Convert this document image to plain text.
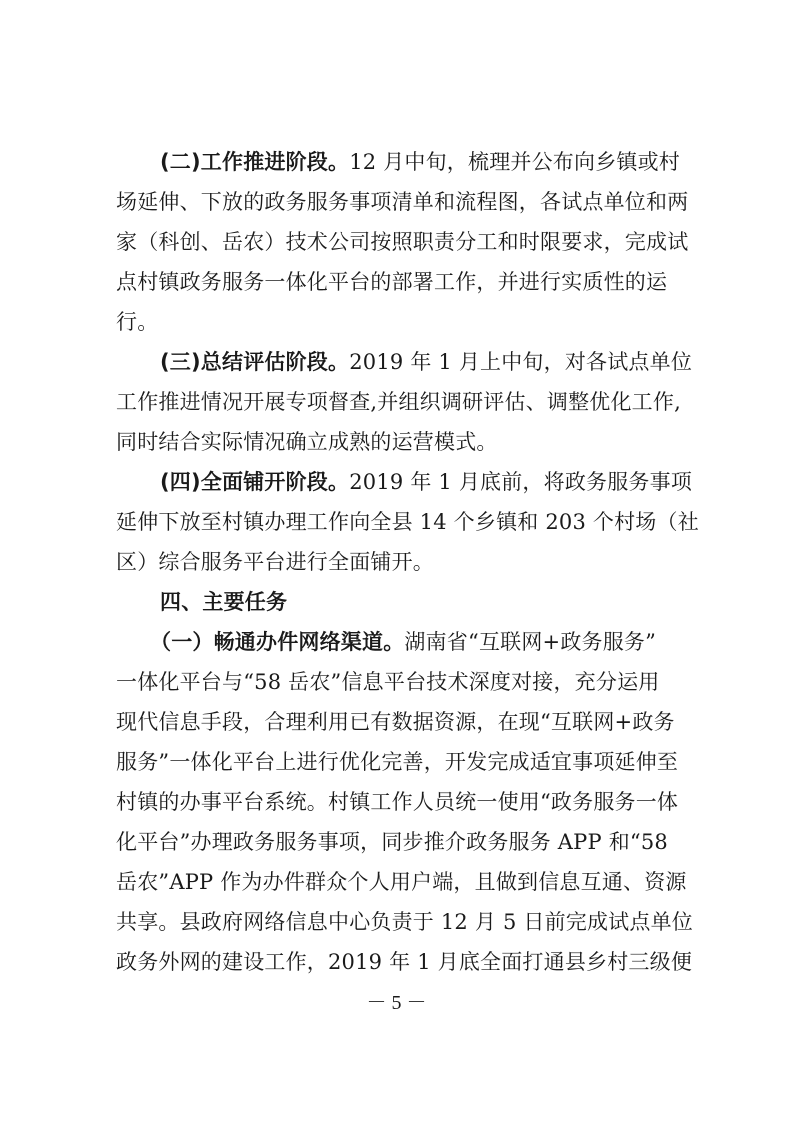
(二)工作推进阶段。12 月中旬，梳理并公布向乡镇或村
场延伸、下放的政务服务事项清单和流程图，各试点单位和两
家（科创、岳农）技术公司按照职责分工和时限要求，完成试
点村镇政务服务一体化平台的部署工作，并进行实质性的运
行。
(三)总结评估阶段。2019 年 1 月上中旬，对各试点单位
工作推进情况开展专项督查,并组织调研评估、调整优化工作,
同时结合实际情况确立成熟的运营模式。
(四)全面铺开阶段。2019 年 1 月底前，将政务服务事项
延伸下放至村镇办理工作向全县 14 个乡镇和 203 个村场（社
区）综合服务平台进行全面铺开。
四、主要任务
（一）畅通办件网络渠道。湖南省“互联网+政务服务”
一体化平台与“58 岳农”信息平台技术深度对接，充分运用
现代信息手段，合理利用已有数据资源，在现“互联网+政务
服务”一体化平台上进行优化完善，开发完成适宜事项延伸至
村镇的办事平台系统。村镇工作人员统一使用“政务服务一体
化平台”办理政务服务事项，同步推介政务服务 APP 和“58
岳农”APP 作为办件群众个人用户端，且做到信息互通、资源
共享。县政府网络信息中心负责于 12 月 5 日前完成试点单位
政务外网的建设工作，2019 年 1 月底全面打通县乡村三级便
－ 5 －
